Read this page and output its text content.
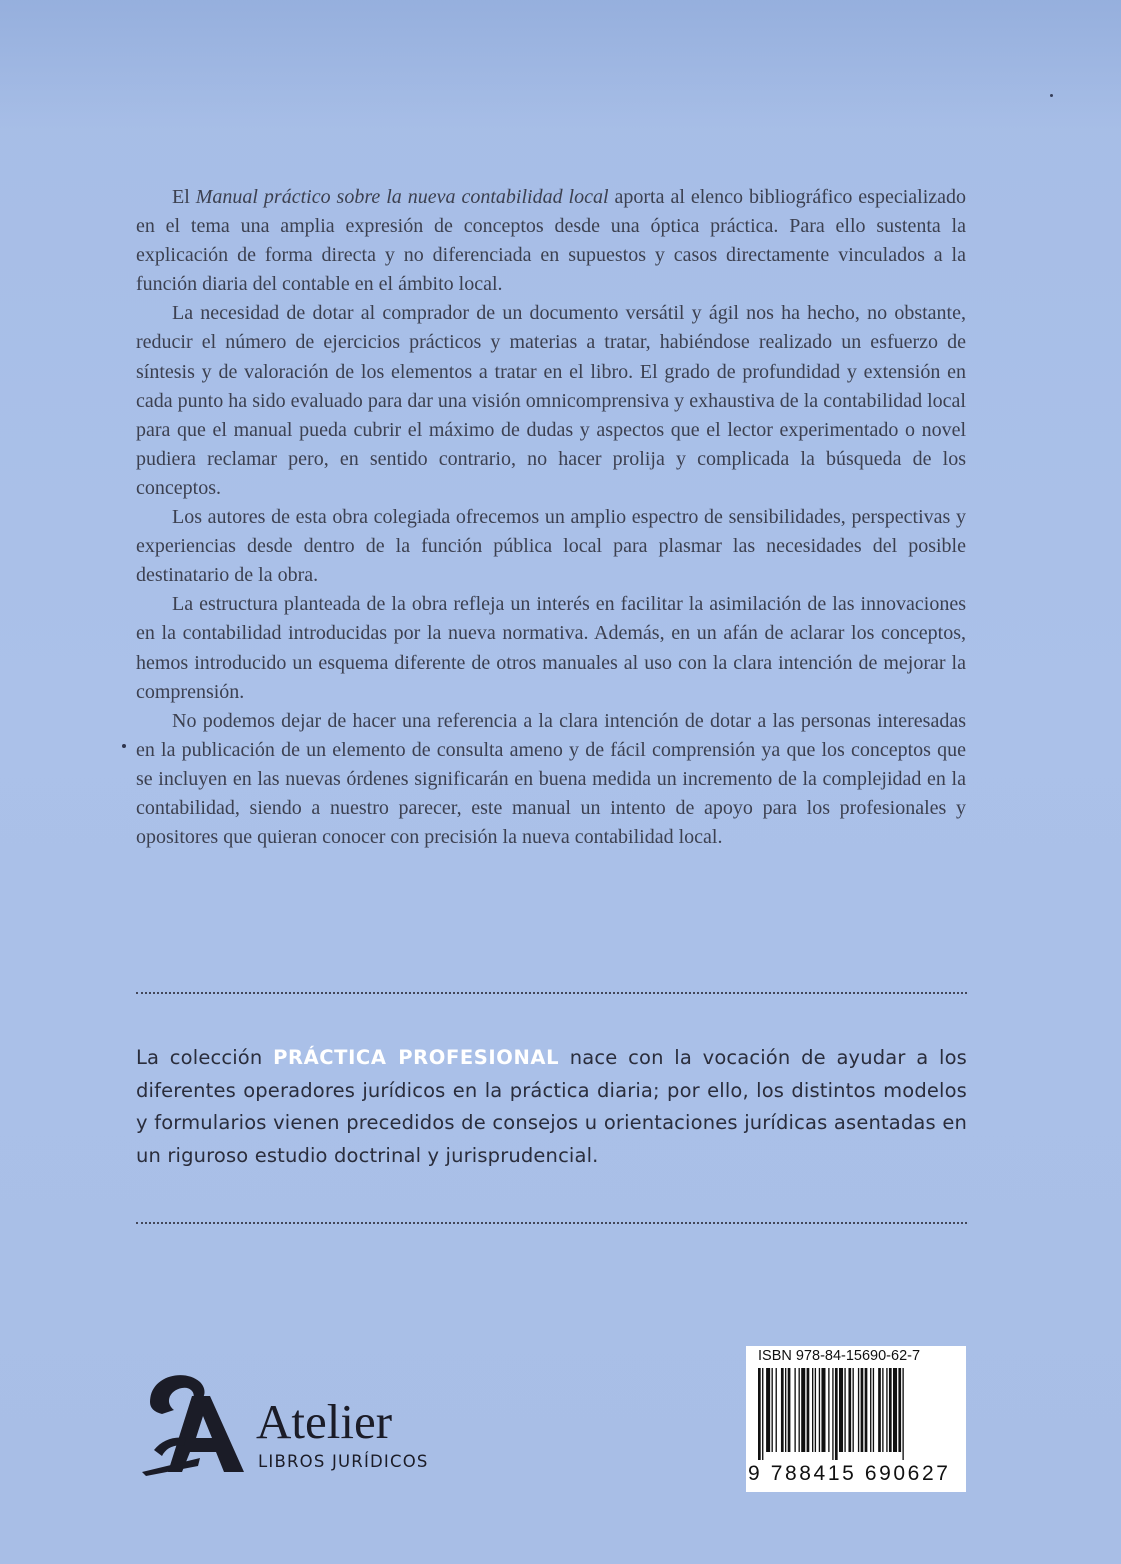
El Manual práctico sobre la nueva contabilidad local aporta al elenco bibliográfico especializado en el tema una amplia expresión de conceptos desde una óptica práctica. Para ello sustenta la explicación de forma directa y no diferenciada en supuestos y casos directamente vinculados a la función diaria del contable en el ámbito local.

La necesidad de dotar al comprador de un documento versátil y ágil nos ha hecho, no obstante, reducir el número de ejercicios prácticos y materias a tratar, habiéndose realizado un esfuerzo de síntesis y de valoración de los elementos a tratar en el libro. El grado de profundidad y extensión en cada punto ha sido evaluado para dar una visión omnicomprensiva y exhaustiva de la contabilidad local para que el manual pueda cubrir el máximo de dudas y aspectos que el lector experimentado o novel pudiera reclamar pero, en sentido contrario, no hacer prolija y complicada la búsqueda de los conceptos.

Los autores de esta obra colegiada ofrecemos un amplio espectro de sensibilidades, perspectivas y experiencias desde dentro de la función pública local para plasmar las necesidades del posible destinatario de la obra.

La estructura planteada de la obra refleja un interés en facilitar la asimilación de las innovaciones en la contabilidad introducidas por la nueva normativa. Además, en un afán de aclarar los conceptos, hemos introducido un esquema diferente de otros manuales al uso con la clara intención de mejorar la comprensión.

No podemos dejar de hacer una referencia a la clara intención de dotar a las personas interesadas en la publicación de un elemento de consulta ameno y de fácil comprensión ya que los conceptos que se incluyen en las nuevas órdenes significarán en buena medida un incremento de la complejidad en la contabilidad, siendo a nuestro parecer, este manual un intento de apoyo para los profesionales y opositores que quieran conocer con precisión la nueva contabilidad local.

La colección PRÁCTICA PROFESIONAL nace con la vocación de ayudar a los diferentes operadores jurídicos en la práctica diaria; por ello, los distintos modelos y formularios vienen precedidos de consejos u orientaciones jurídicas asentadas en un riguroso estudio doctrinal y jurisprudencial.
Atelier
LIBROS JURÍDICOS
ISBN 978-84-15690-62-7
9 788415 690627
